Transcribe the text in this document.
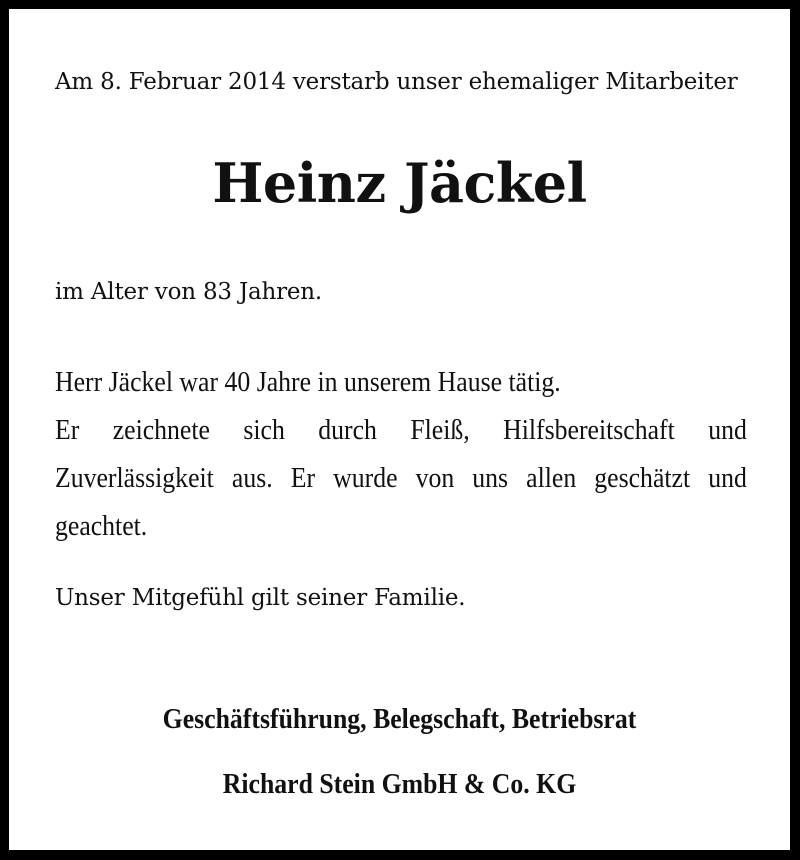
Am 8. Februar 2014 verstarb unser ehemaliger Mitarbeiter
Heinz Jäckel
im Alter von 83 Jahren.

Herr Jäckel war 40 Jahre in unserem Hause tätig.

Er zeichnete sich durch Fleiß, Hilfsbereitschaft und

Zuverlässigkeit aus. Er wurde von uns allen geschätzt und

geachtet.

Unser Mitgefühl gilt seiner Familie.
Geschäftsführung, Belegschaft, Betriebsrat
Richard Stein GmbH & Co. KG
